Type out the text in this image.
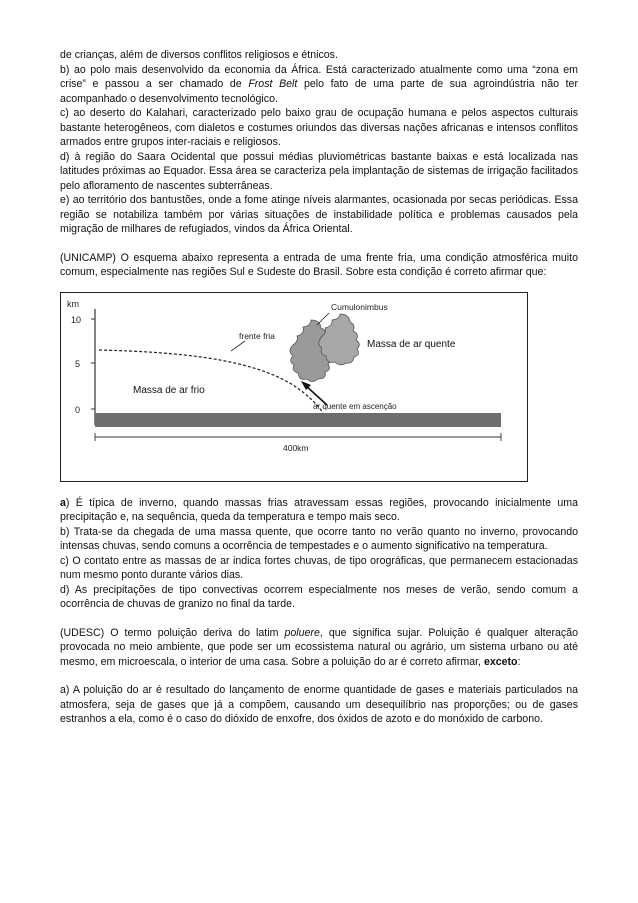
de crianças, além de diversos conflitos religiosos e étnicos.

b) ao polo mais desenvolvido da economia da África. Está caracterizado atualmente como uma “zona em crise” e passou a ser chamado de Frost Belt pelo fato de uma parte de sua agroindústria não ter acompanhado o desenvolvimento tecnológico.

c) ao deserto do Kalahari, caracterizado pelo baixo grau de ocupação humana e pelos aspectos culturais bastante heterogêneos, com dialetos e costumes oriundos das diversas nações africanas e intensos conflitos armados entre grupos inter-raciais e religiosos.

d) à região do Saara Ocidental que possui médias pluviométricas bastante baixas e está localizada nas latitudes próximas ao Equador. Essa área se caracteriza pela implantação de sistemas de irrigação facilitados pelo afloramento de nascentes subterrâneas.

e) ao território dos bantustões, onde a fome atinge níveis alarmantes, ocasionada por secas periódicas. Essa região se notabiliza também por várias situações de instabilidade política e problemas causados pela migração de milhares de refugiados, vindos da África Oriental.

(UNICAMP) O esquema abaixo representa a entrada de uma frente fria, uma condição atmosférica muito comum, especialmente nas regiões Sul e Sudeste do Brasil. Sobre esta condição é correto afirmar que:

km
10
5
0
frente fria
Cumulonimbus
Massa de ar quente
Massa de ar frio
ar quente em ascenção
400km

a) É típica de inverno, quando massas frias atravessam essas regiões, provocando inicialmente uma precipitação e, na sequência, queda da temperatura e tempo mais seco.

b) Trata-se da chegada de uma massa quente, que ocorre tanto no verão quanto no inverno, provocando intensas chuvas, sendo comuns a ocorrência de tempestades e o aumento significativo na temperatura.

c) O contato entre as massas de ar indica fortes chuvas, de tipo orográficas, que permanecem estacionadas num mesmo ponto durante vários dias.

d) As precipitações de tipo convectivas ocorrem especialmente nos meses de verão, sendo comum a ocorrência de chuvas de granizo no final da tarde.

(UDESC) O termo poluição deriva do latim poluere, que significa sujar. Poluição é qualquer alteração provocada no meio ambiente, que pode ser um ecossistema natural ou agrário, um sistema urbano ou até mesmo, em microescala, o interior de uma casa. Sobre a poluição do ar é correto afirmar, exceto:

a) A poluição do ar é resultado do lançamento de enorme quantidade de gases e materiais particulados na atmosfera, seja de gases que já a compõem, causando um desequilíbrio nas proporções; ou de gases estranhos a ela, como é o caso do dióxido de enxofre, dos óxidos de azoto e do monóxido de carbono.
